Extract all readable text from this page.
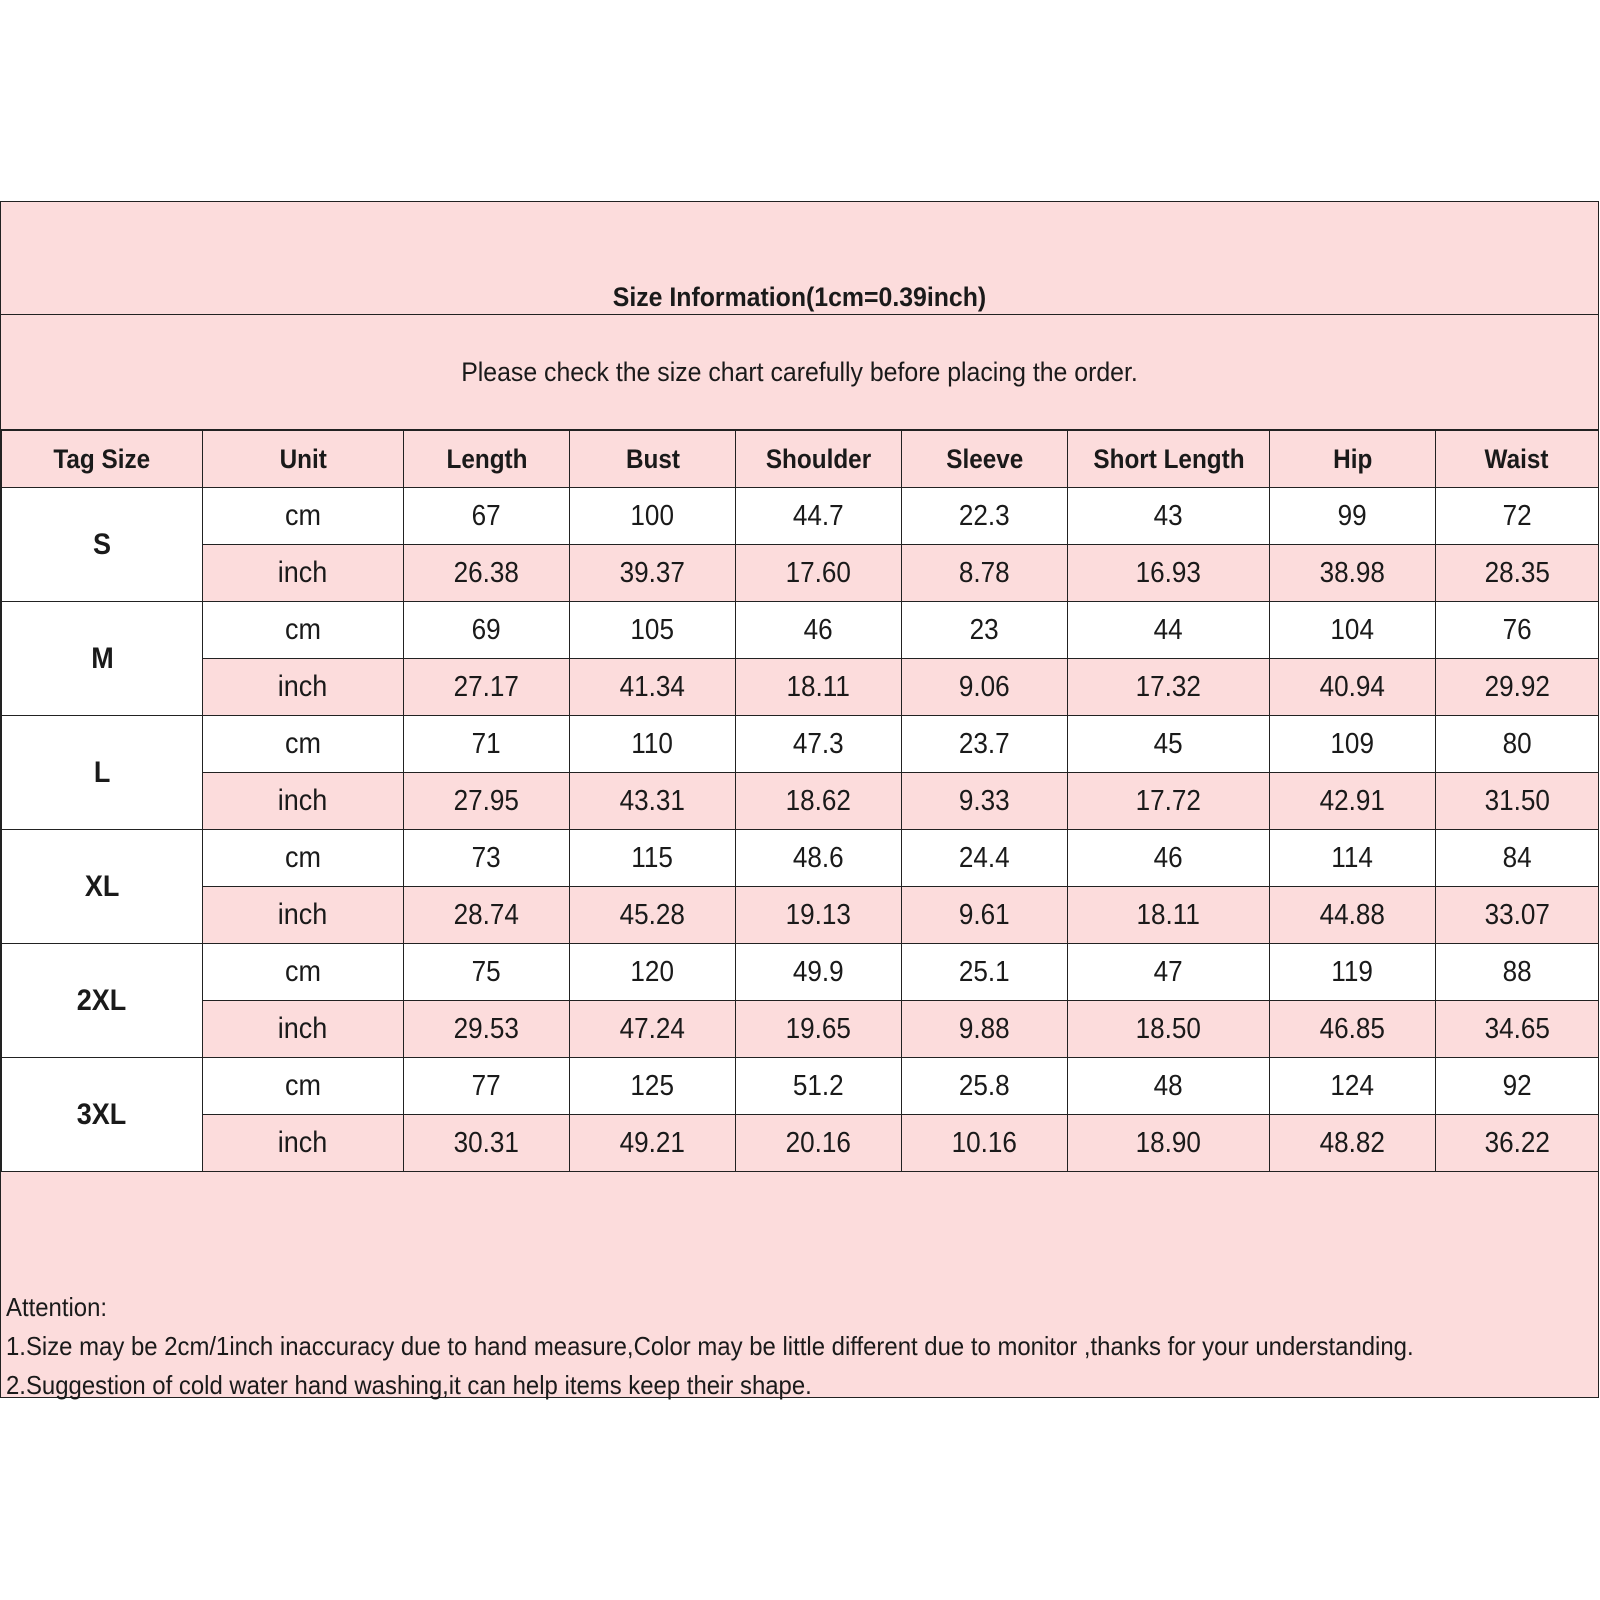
Size Information(1cm=0.39inch)
Please check the size chart carefully before placing the order.
Tag Size	Unit	Length	Bust	Shoulder	Sleeve	Short Length	Hip	Waist
S	cm	67	100	44.7	22.3	43	99	72
	inch	26.38	39.37	17.60	8.78	16.93	38.98	28.35
M	cm	69	105	46	23	44	104	76
	inch	27.17	41.34	18.11	9.06	17.32	40.94	29.92
L	cm	71	110	47.3	23.7	45	109	80
	inch	27.95	43.31	18.62	9.33	17.72	42.91	31.50
XL	cm	73	115	48.6	24.4	46	114	84
	inch	28.74	45.28	19.13	9.61	18.11	44.88	33.07
2XL	cm	75	120	49.9	25.1	47	119	88
	inch	29.53	47.24	19.65	9.88	18.50	46.85	34.65
3XL	cm	77	125	51.2	25.8	48	124	92
	inch	30.31	49.21	20.16	10.16	18.90	48.82	36.22
Attention:
1.Size may be 2cm/1inch inaccuracy due to hand measure,Color may be little different due to monitor ,thanks for your understanding.
2.Suggestion of cold water hand washing,it can help items keep their shape.
